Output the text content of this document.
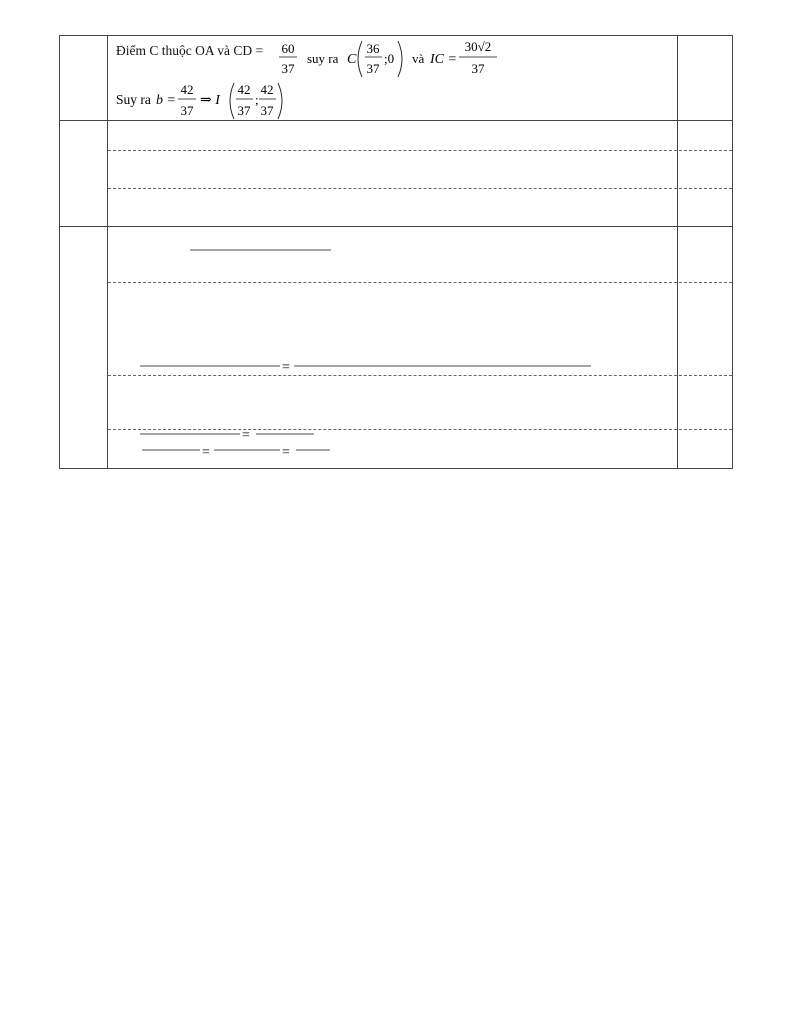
Điểm C thuộc OA và CD = 60
37
suy ra C
36
37
;0 và IC =
30√2
37
Suy ra b =
42
37
⇒ I
42
37
;
42
37
=
=
=	=
